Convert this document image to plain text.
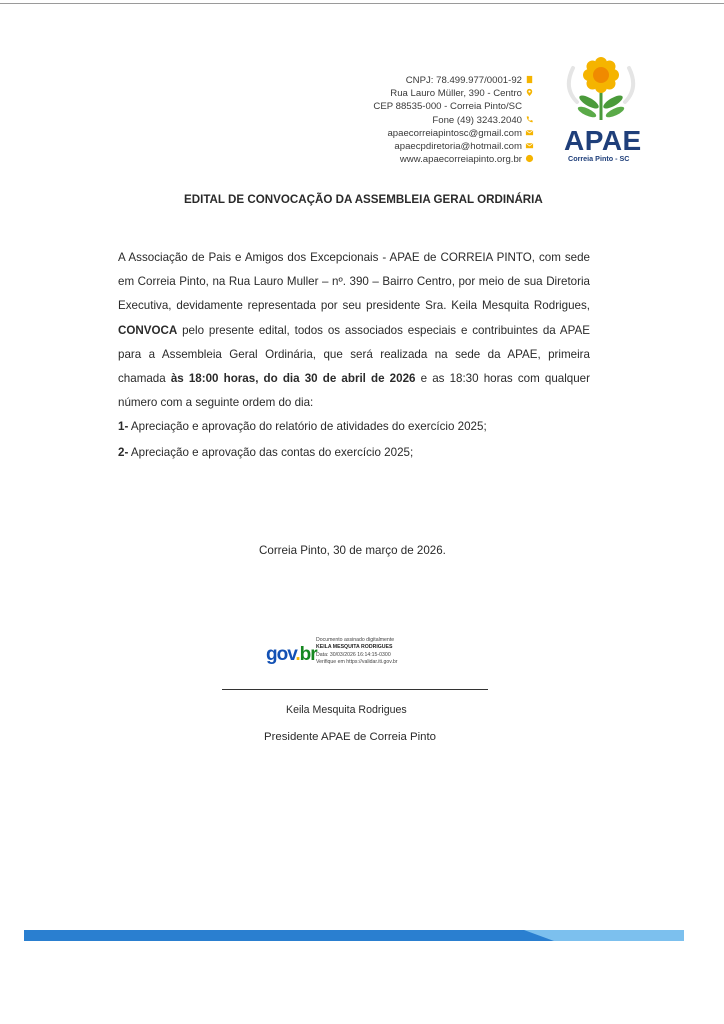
CNPJ: 78.499.977/0001-92
Rua Lauro Müller, 390 - Centro
CEP 88535-000 - Correia Pinto/SC
Fone (49) 3243.2040
apaecorreiapintosc@gmail.com
apaecpdiretoria@hotmail.com
www.apaecorreiapinto.org.br
APAE
Correia Pinto - SC
EDITAL DE CONVOCAÇÃO DA ASSEMBLEIA GERAL ORDINÁRIA

A Associação de Pais e Amigos dos Excepcionais - APAE de CORREIA PINTO, com sede em Correia Pinto, na Rua Lauro Muller – nº. 390 – Bairro Centro, por meio de sua Diretoria Executiva, devidamente representada por seu presidente Sra. Keila Mesquita Rodrigues, CONVOCA pelo presente edital, todos os associados especiais e contribuintes da APAE para a Assembleia Geral Ordinária, que será realizada na sede da APAE, primeira chamada às 18:00 horas, do dia 30 de abril de 2026 e as 18:30 horas com qualquer número com a seguinte ordem do dia:

1- Apreciação e aprovação do relatório de atividades do exercício 2025;
2- Apreciação e aprovação das contas do exercício 2025;
Correia Pinto, 30 de março de 2026.
gov.br
Documento assinado digitalmente
KEILA MESQUITA RODRIGUES
Data: 30/03/2026 16:14:15-0300
Verifique em https://validar.iti.gov.br
Keila Mesquita Rodrigues
Presidente APAE de Correia Pinto
